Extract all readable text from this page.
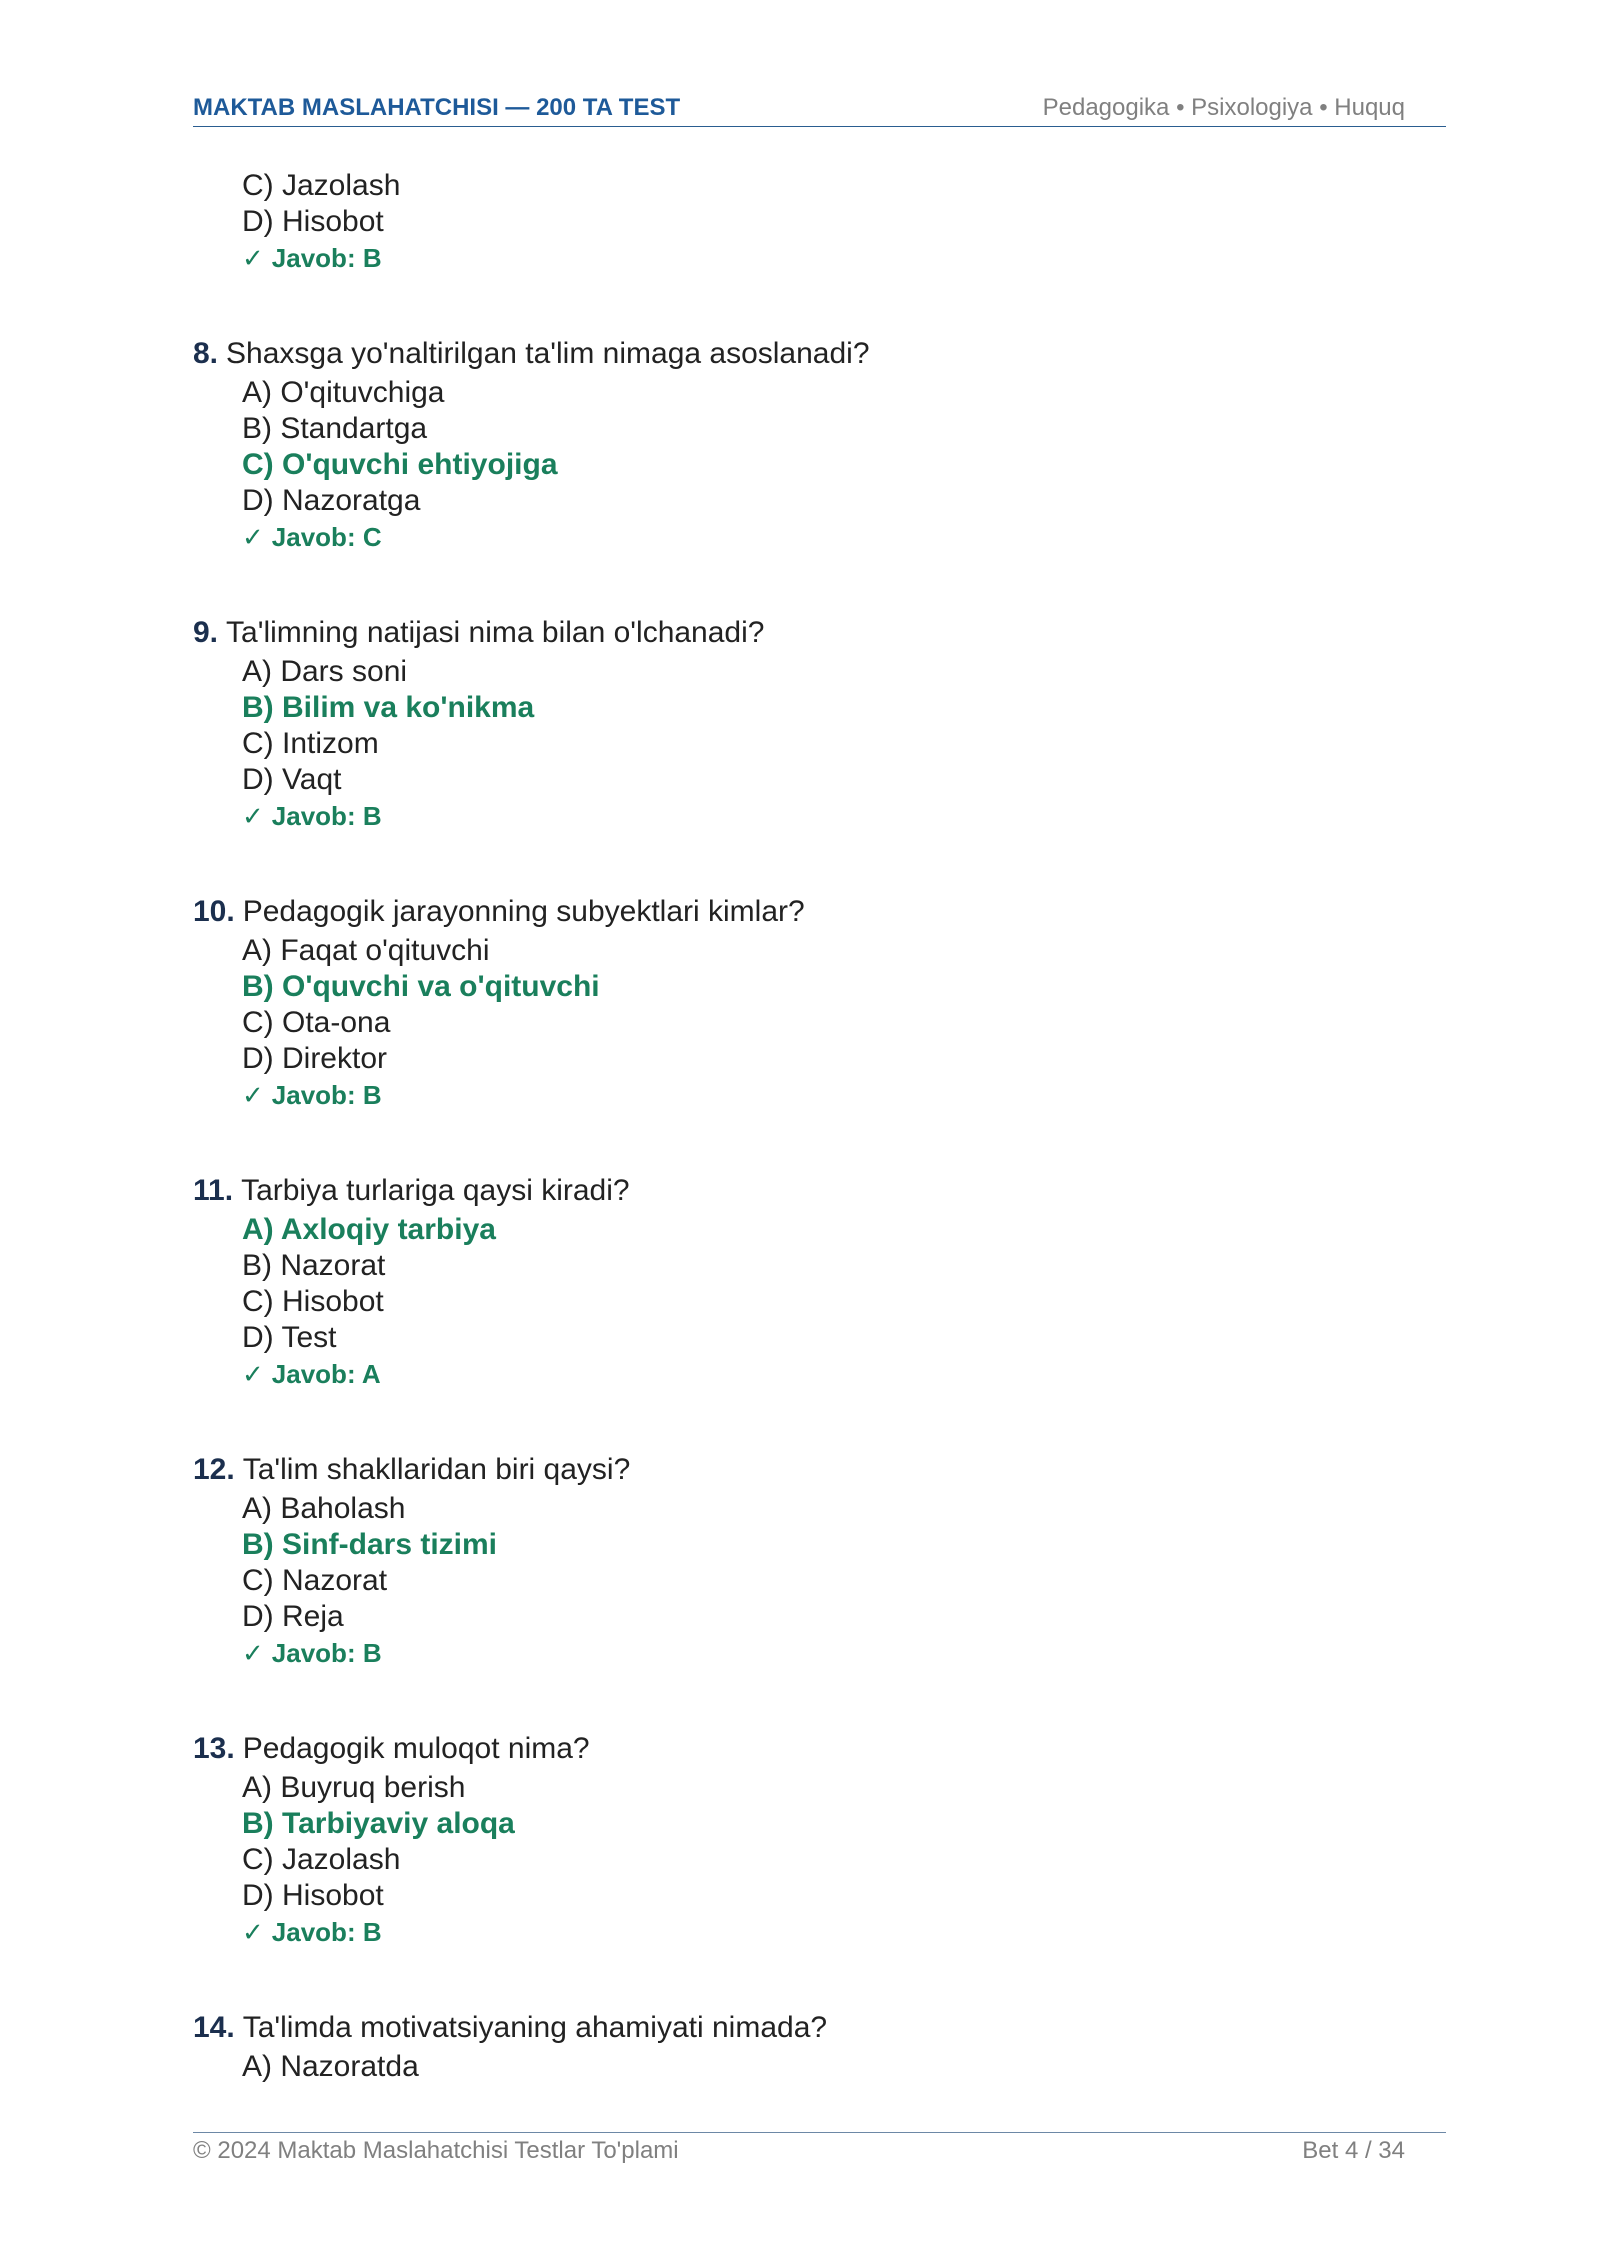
MAKTAB MASLAHATCHISI — 200 TA TEST	Pedagogika • Psixologiya • Huquq
C) Jazolash
D) Hisobot
✓ Javob: B
8. Shaxsga yo'naltirilgan ta'lim nimaga asoslanadi?
A) O'qituvchiga
B) Standartga
C) O'quvchi ehtiyojiga
D) Nazoratga
✓ Javob: C
9. Ta'limning natijasi nima bilan o'lchanadi?
A) Dars soni
B) Bilim va ko'nikma
C) Intizom
D) Vaqt
✓ Javob: B
10. Pedagogik jarayonning subyektlari kimlar?
A) Faqat o'qituvchi
B) O'quvchi va o'qituvchi
C) Ota-ona
D) Direktor
✓ Javob: B
11. Tarbiya turlariga qaysi kiradi?
A) Axloqiy tarbiya
B) Nazorat
C) Hisobot
D) Test
✓ Javob: A
12. Ta'lim shakllaridan biri qaysi?
A) Baholash
B) Sinf-dars tizimi
C) Nazorat
D) Reja
✓ Javob: B
13. Pedagogik muloqot nima?
A) Buyruq berish
B) Tarbiyaviy aloqa
C) Jazolash
D) Hisobot
✓ Javob: B
14. Ta'limda motivatsiyaning ahamiyati nimada?
A) Nazoratda
© 2024 Maktab Maslahatchisi Testlar To'plami	Bet 4 / 34
